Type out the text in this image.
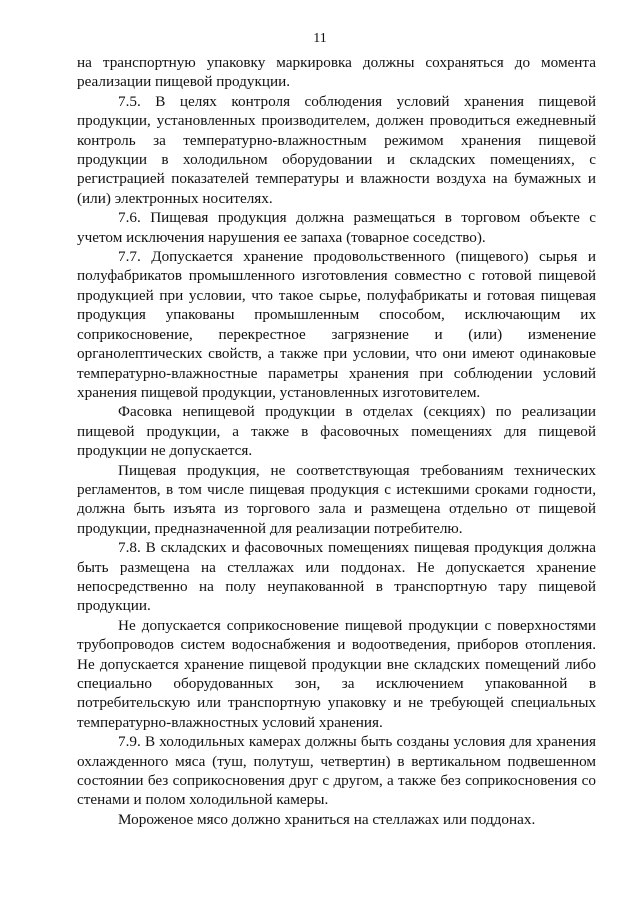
11

на транспортную упаковку маркировка должны сохраняться до момента реализации пищевой продукции.

7.5. В целях контроля соблюдения условий хранения пищевой продукции, установленных производителем, должен проводиться ежедневный контроль за температурно-влажностным режимом хранения пищевой продукции в холодильном оборудовании и складских помещениях, с регистрацией показателей температуры и влажности воздуха на бумажных и (или) электронных носителях.

7.6. Пищевая продукция должна размещаться в торговом объекте с учетом исключения нарушения ее запаха (товарное соседство).

7.7. Допускается хранение продовольственного (пищевого) сырья и полуфабрикатов промышленного изготовления совместно с готовой пищевой продукцией при условии, что такое сырье, полуфабрикаты и готовая пищевая продукция упакованы промышленным способом, исключающим их соприкосновение, перекрестное загрязнение и (или) изменение органолептических свойств, а также при условии, что они имеют одинаковые температурно-влажностные параметры хранения при соблюдении условий хранения пищевой продукции, установленных изготовителем.

Фасовка непищевой продукции в отделах (секциях) по реализации пищевой продукции, а также в фасовочных помещениях для пищевой продукции не допускается.

Пищевая продукция, не соответствующая требованиям технических регламентов, в том числе пищевая продукция с истекшими сроками годности, должна быть изъята из торгового зала и размещена отдельно от пищевой продукции, предназначенной для реализации потребителю.

7.8. В складских и фасовочных помещениях пищевая продукция должна быть размещена на стеллажах или поддонах. Не допускается хранение непосредственно на полу неупакованной в транспортную тару пищевой продукции.

Не допускается соприкосновение пищевой продукции с поверхностями трубопроводов систем водоснабжения и водоотведения, приборов отопления. Не допускается хранение пищевой продукции вне складских помещений либо специально оборудованных зон, за исключением упакованной в потребительскую или транспортную упаковку и не требующей специальных температурно-влажностных условий хранения.

7.9. В холодильных камерах должны быть созданы условия для хранения охлажденного мяса (туш, полутуш, четвертин) в вертикальном подвешенном состоянии без соприкосновения друг с другом, а также без соприкосновения со стенами и полом холодильной камеры.

Мороженое мясо должно храниться на стеллажах или поддонах.
